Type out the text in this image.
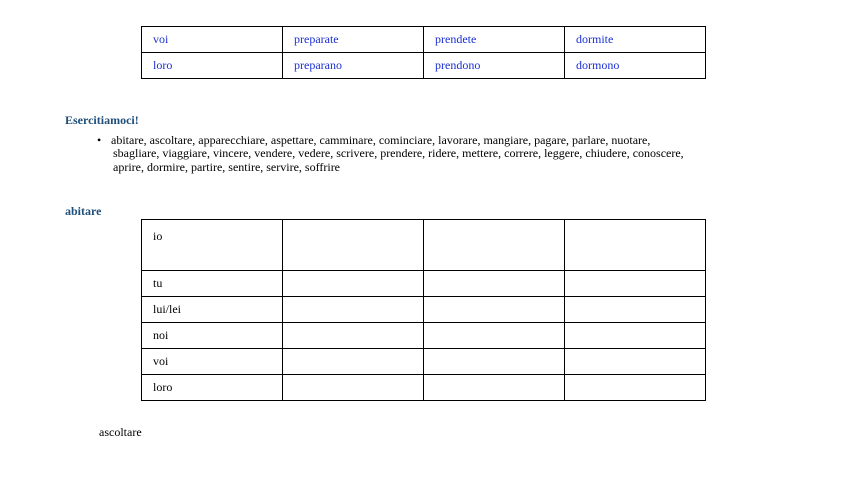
voi	preparate	prendete	dormite
loro	preparano	prendono	dormono
Esercitiamoci!

• abitare, ascoltare, apparecchiare, aspettare, camminare, cominciare, lavorare, mangiare, pagare, parlare, nuotare, sbagliare, viaggiare, vincere, vendere, vedere, scrivere, prendere, ridere, mettere, correre, leggere, chiudere, conoscere, aprire, dormire, partire, sentire, servire, soffrire

abitare
io			
tu			
lui/lei			
noi			
voi			
loro			

ascoltare
